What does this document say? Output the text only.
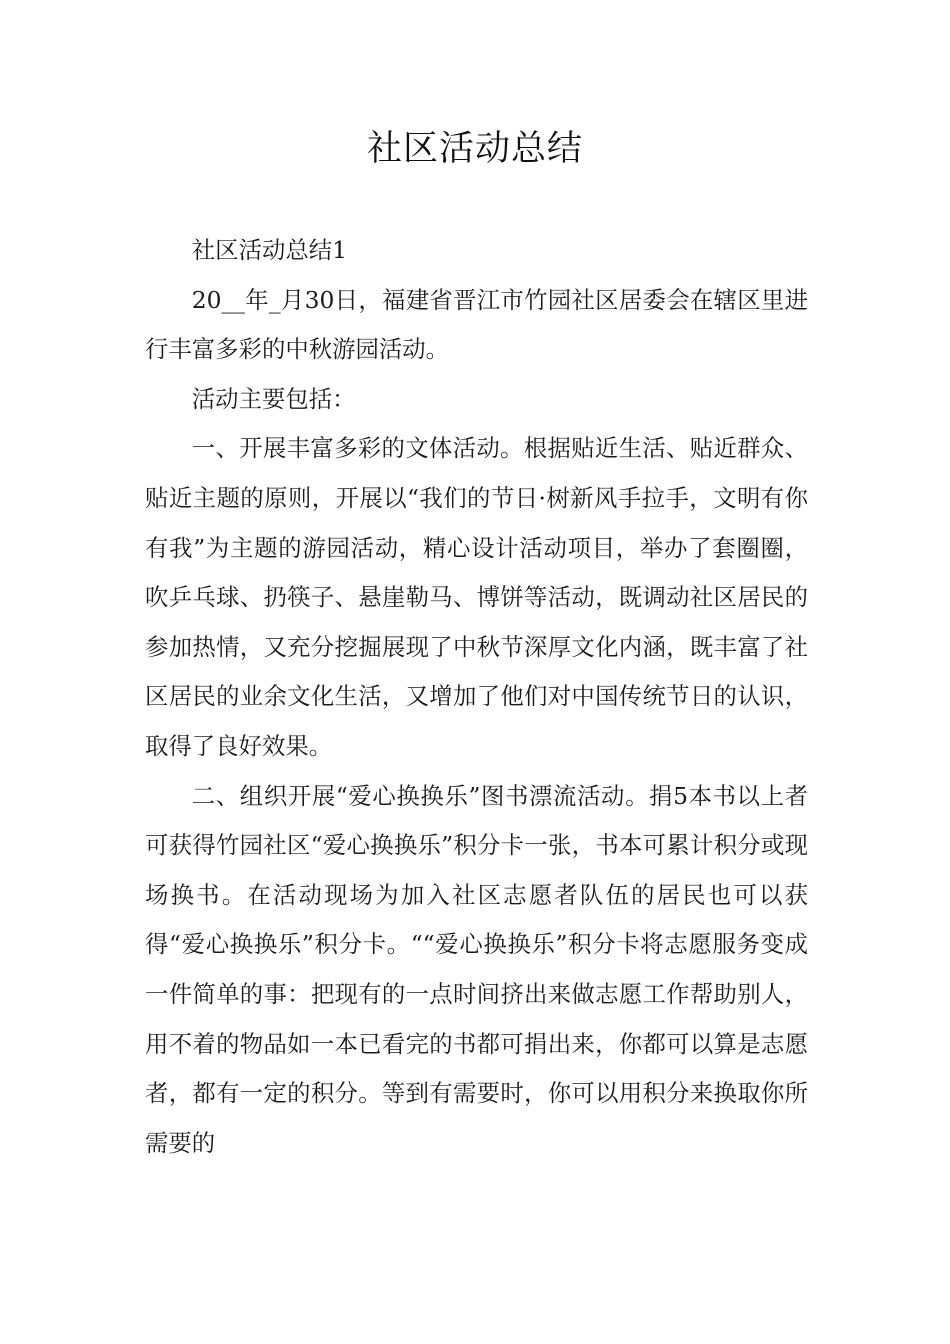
社区活动总结

社区活动总结1

20__年_月30日，福建省晋江市竹园社区居委会在辖区里进行丰富多彩的中秋游园活动。

活动主要包括：

一、开展丰富多彩的文体活动。根据贴近生活、贴近群众、贴近主题的原则，开展以“我们的节日·树新风手拉手，文明有你有我”为主题的游园活动，精心设计活动项目，举办了套圈圈，吹乒乓球、扔筷子、悬崖勒马、博饼等活动，既调动社区居民的参加热情，又充分挖掘展现了中秋节深厚文化内涵，既丰富了社区居民的业余文化生活，又增加了他们对中国传统节日的认识，取得了良好效果。

二、组织开展“爱心换换乐”图书漂流活动。捐5本书以上者可获得竹园社区“爱心换换乐”积分卡一张，书本可累计积分或现场换书。在活动现场为加入社区志愿者队伍的居民也可以获得“爱心换换乐”积分卡。““爱心换换乐”积分卡将志愿服务变成一件简单的事：把现有的一点时间挤出来做志愿工作帮助别人，用不着的物品如一本已看完的书都可捐出来，你都可以算是志愿者，都有一定的积分。等到有需要时，你可以用积分来换取你所需要的
